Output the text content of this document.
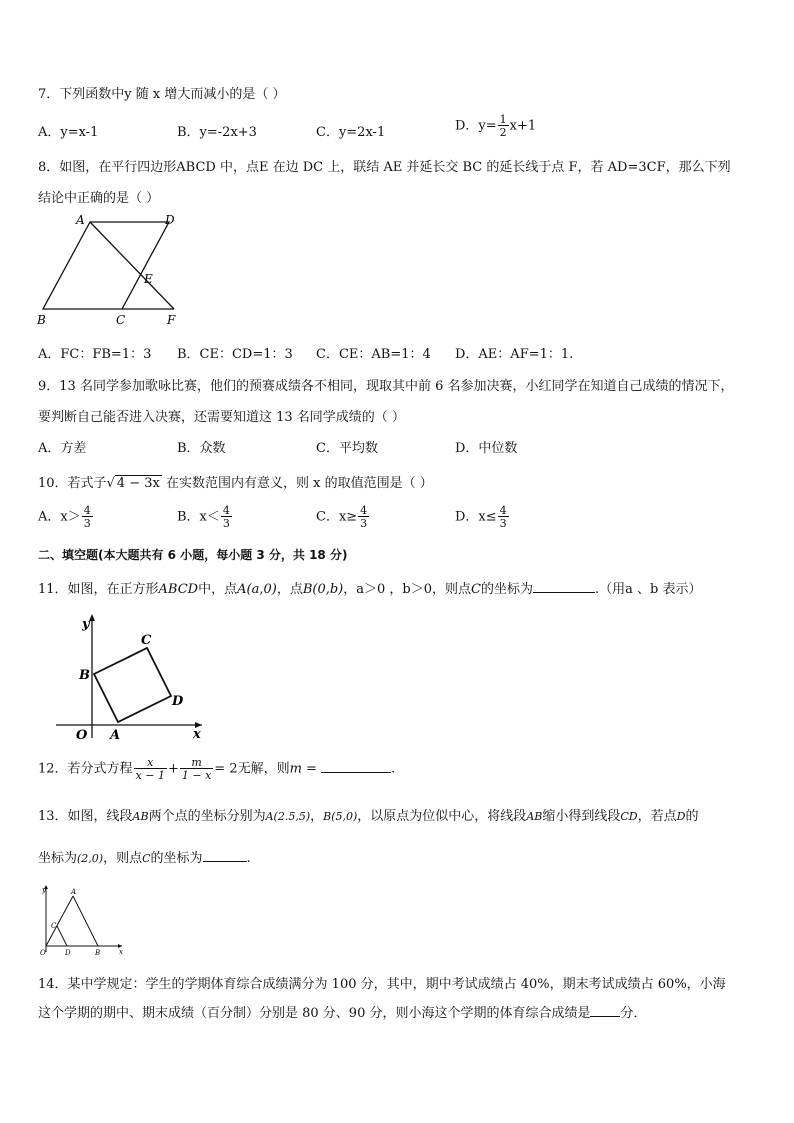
7．下列函数中y 随 x 增大而减小的是（ ）
A．y=x-1	B．y=-2x+3	C．y=2x-1	D．$y= \frac{1}{2} x+1$
8．如图，在平行四边形ABCD 中，点E 在边 DC 上，联结 AE 并延长交 BC 的延长线于点 F，若 AD=3CF，那么下列
结论中正确的是（ ）
A	D
E
B	C	F
A．FC：FB=1：3 B．CE：CD=1：3 C．CE：AB=1：4 D．AE：AF=1：1.
9．13 名同学参加歌咏比赛，他们的预赛成绩各不相同，现取其中前 6 名参加决赛，小红同学在知道自己成绩的情况下，
要判断自己能否进入决赛，还需要知道这 13 名同学成绩的（ ）
A．方差	B．众数	C．平均数	D．中位数
10．若式子√ 4 − 3x 在实数范围内有意义，则 x 的取值范围是（ ）
A．$x> \frac{4}{3}$	B．$x< \frac{4}{3}$	C．$x\ge \frac{4}{3}$	D．$x\le \frac{4}{3}$
二、填空题(本大题共有 6 小题，每小题 3 分，共 18 分)
11．如图，在正方形ABCD中，点A(a,0)，点B(0,b)，a＞0 ，b＞0，则点C的坐标为	.（用a 、b 表示）
y
x
O A
B
C
D
12．若分式方程 $\frac{x}{x - 1} + \frac{m}{1 - x} = 2$无解，则m =	.
13．如图，线段AB两个点的坐标分别为A(2.5,5)，B(5,0)，以原点为位似中心，将线段AB缩小得到线段CD，若点D的
坐标为(2,0)，则点C的坐标为	.
y
x
O
A
C
D	B
14．某中学规定：学生的学期体育综合成绩满分为 100 分，其中，期中考试成绩占 40%，期末考试成绩占 60%，小海
这个学期的期中、期末成绩（百分制）分别是 80 分、90 分，则小海这个学期的体育综合成绩是 分．
